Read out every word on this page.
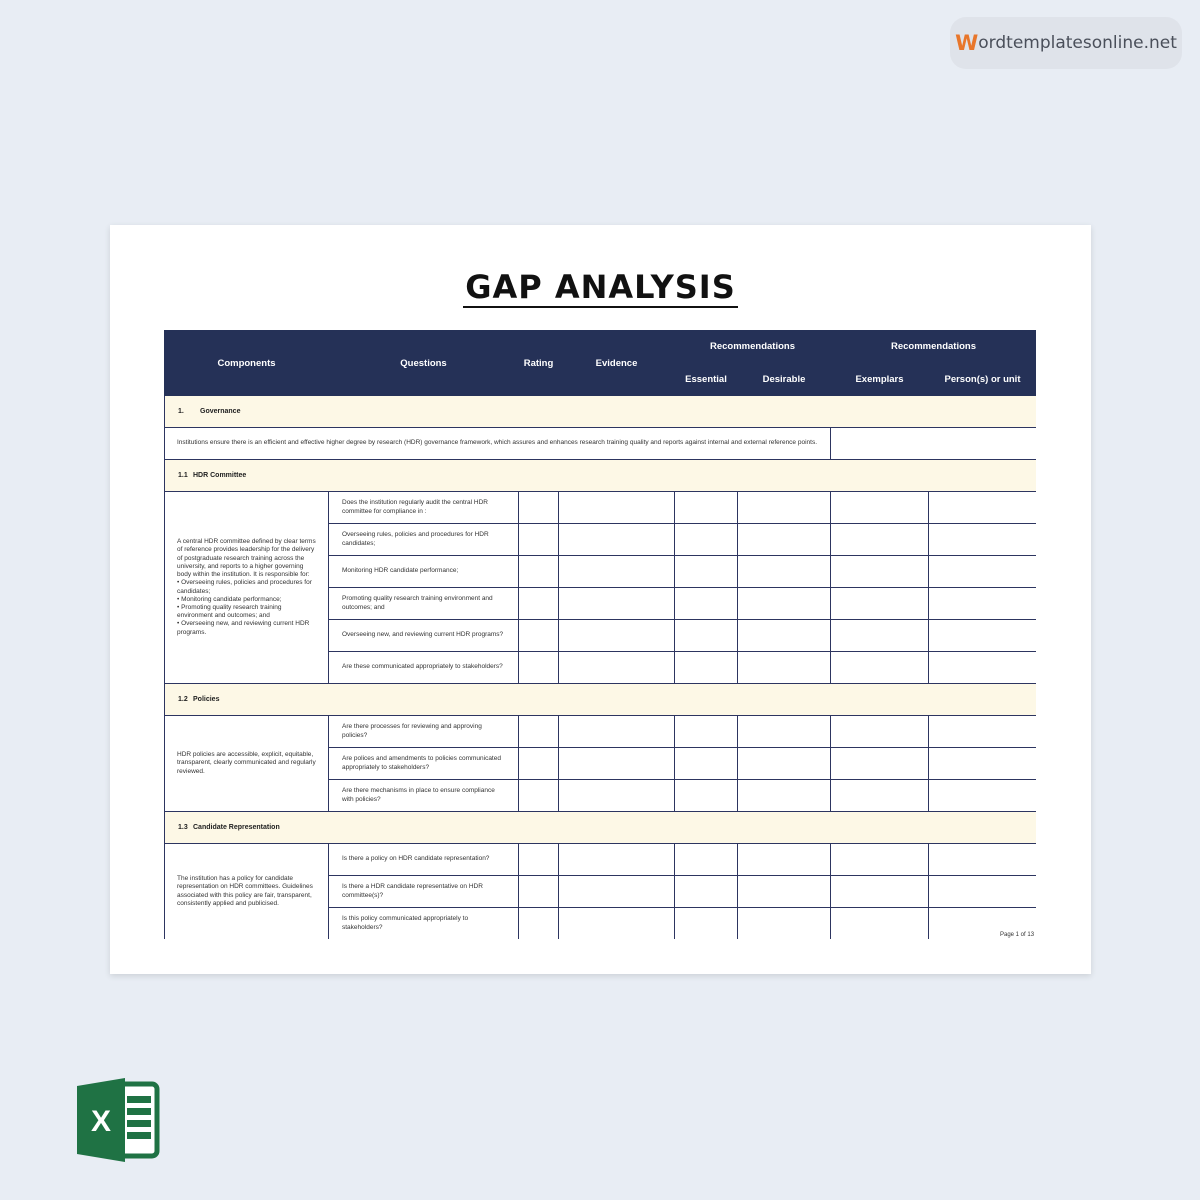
W ordtemplatesonline.net
GAP ANALYSIS
Components	Questions	Rating	Evidence	Recommendations		Recommendations	
				Essential	Desirable	Exemplars	Person(s) or unit
1. Governance							
Institutions ensure there is an efficient and effective higher degree by research (HDR) governance framework, which assures and enhances research training quality and reports against internal and external reference points.							
1.1 HDR Committee							
A central HDR committee defined by clear terms of reference provides leadership for the delivery of postgraduate research training across the university, and reports to a higher governing body within the institution. It is responsible for:
• Overseeing rules, policies and procedures for candidates;
• Monitoring candidate performance;
• Promoting quality research training environment and outcomes; and
• Overseeing new, and reviewing current HDR programs.	Does the institution regularly audit the central HDR committee for compliance in :						
	Overseeing rules, policies and procedures for HDR candidates;						
	Monitoring HDR candidate performance;						
	Promoting quality research training environment and outcomes; and						
	Overseeing new, and reviewing current HDR programs?						
	Are these communicated appropriately to stakeholders?						
1.2 Policies							
HDR policies are accessible, explicit, equitable, transparent, clearly communicated and regularly reviewed.	Are there processes for reviewing and approving policies?						
	Are polices and amendments to policies communicated appropriately to stakeholders?						
	Are there mechanisms in place to ensure compliance with policies?						
1.3 Candidate Representation							
The institution has a policy for candidate representation on HDR committees. Guidelines associated with this policy are fair, transparent, consistently applied and publicised.	Is there a policy on HDR candidate representation?						
	Is there a HDR candidate representative on HDR committee(s)?						
	Is this policy communicated appropriately to stakeholders?						
Page 1 of 13
X
